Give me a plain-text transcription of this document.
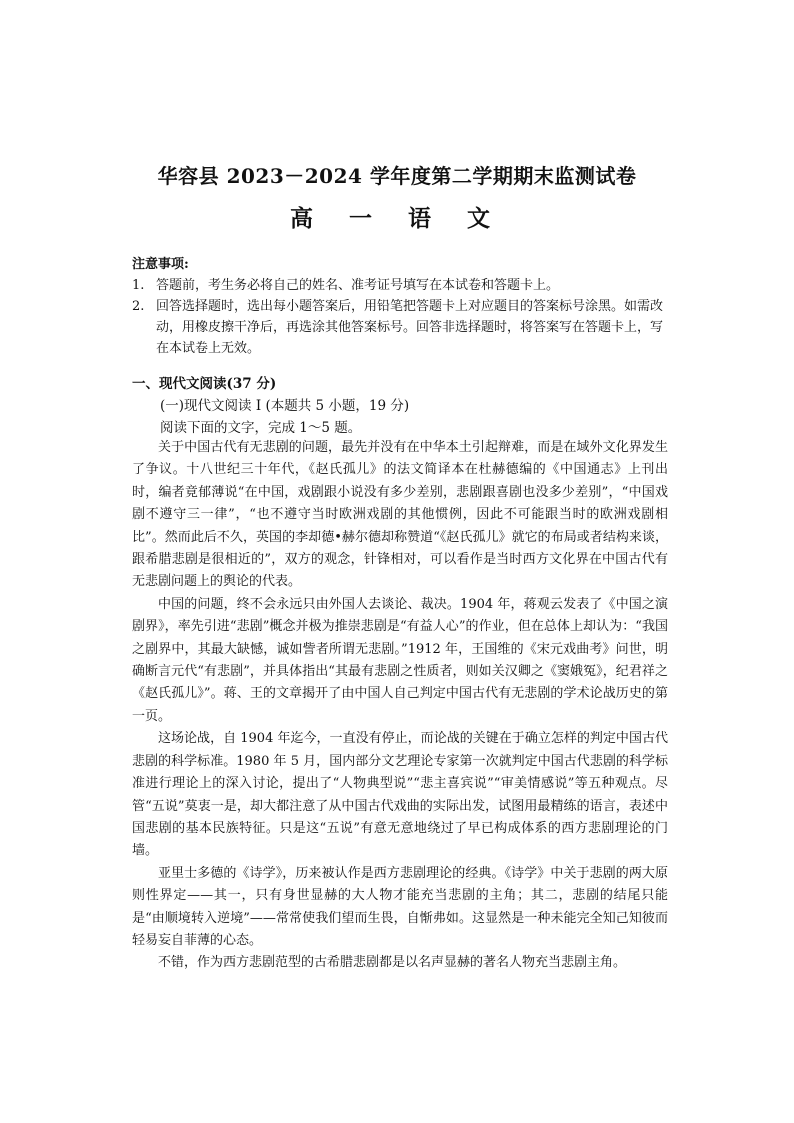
华容县 2023－2024 学年度第二学期期末监测试卷
高 一 语 文
注意事项:
1. 答题前，考生务必将自己的姓名、准考证号填写在本试卷和答题卡上。
2. 回答选择题时，选出每小题答案后，用铅笔把答题卡上对应题目的答案标号涂黑。如需改动，用橡皮擦干净后，再选涂其他答案标号。回答非选择题时，将答案写在答题卡上，写在本试卷上无效。
一、现代文阅读(37 分)
(一)现代文阅读 I (本题共 5 小题，19 分)
阅读下面的文字，完成 1～5 题。

关于中国古代有无悲剧的问题，最先并没有在中华本土引起辩难，而是在域外文化界发生了争议。十八世纪三十年代，《赵氏孤儿》的法文简译本在杜赫德编的《中国通志》上刊出时，编者竟郁薄说“在中国，戏剧跟小说没有多少差别，悲剧跟喜剧也没多少差别”，“中国戏剧不遵守三一律”，“也不遵守当时欧洲戏剧的其他惯例，因此不可能跟当时的欧洲戏剧相比”。然而此后不久，英国的李却德•赫尔德却称赞道“《赵氏孤儿》就它的布局或者结构来谈，跟希腊悲剧是很相近的”，双方的观念，针锋相对，可以看作是当时西方文化界在中国古代有无悲剧问题上的舆论的代表。

中国的问题，终不会永远只由外国人去谈论、裁决。1904 年，蒋观云发表了《中国之演剧界》，率先引进“悲剧”概念并极为推崇悲剧是“有益人心”的作业，但在总体上却认为：“我国之剧界中，其最大缺憾，诚如訾者所谓无悲剧。”1912 年，王国维的《宋元戏曲考》问世，明确断言元代“有悲剧”，并具体指出“其最有悲剧之性质者，则如关汉卿之《窦娥冤》，纪君祥之《赵氏孤儿》”。蒋、王的文章揭开了由中国人自己判定中国古代有无悲剧的学术论战历史的第一页。

这场论战，自 1904 年迄今，一直没有停止，而论战的关键在于确立怎样的判定中国古代悲剧的科学标准。1980 年 5 月，国内部分文艺理论专家第一次就判定中国古代悲剧的科学标准进行理论上的深入讨论，提出了“人物典型说”“悲主喜宾说”“审美情感说”等五种观点。尽管“五说”莫衷一是，却大都注意了从中国古代戏曲的实际出发，试图用最精练的语言，表述中国悲剧的基本民族特征。只是这“五说”有意无意地绕过了早已构成体系的西方悲剧理论的门墙。

亚里士多德的《诗学》，历来被认作是西方悲剧理论的经典。《诗学》中关于悲剧的两大原则性界定——其一，只有身世显赫的大人物才能充当悲剧的主角；其二，悲剧的结尾只能是“由顺境转入逆境”——常常使我们望而生畏，自惭弗如。这显然是一种未能完全知己知彼而轻易妄自菲薄的心态。

不错，作为西方悲剧范型的古希腊悲剧都是以名声显赫的著名人物充当悲剧主角。
